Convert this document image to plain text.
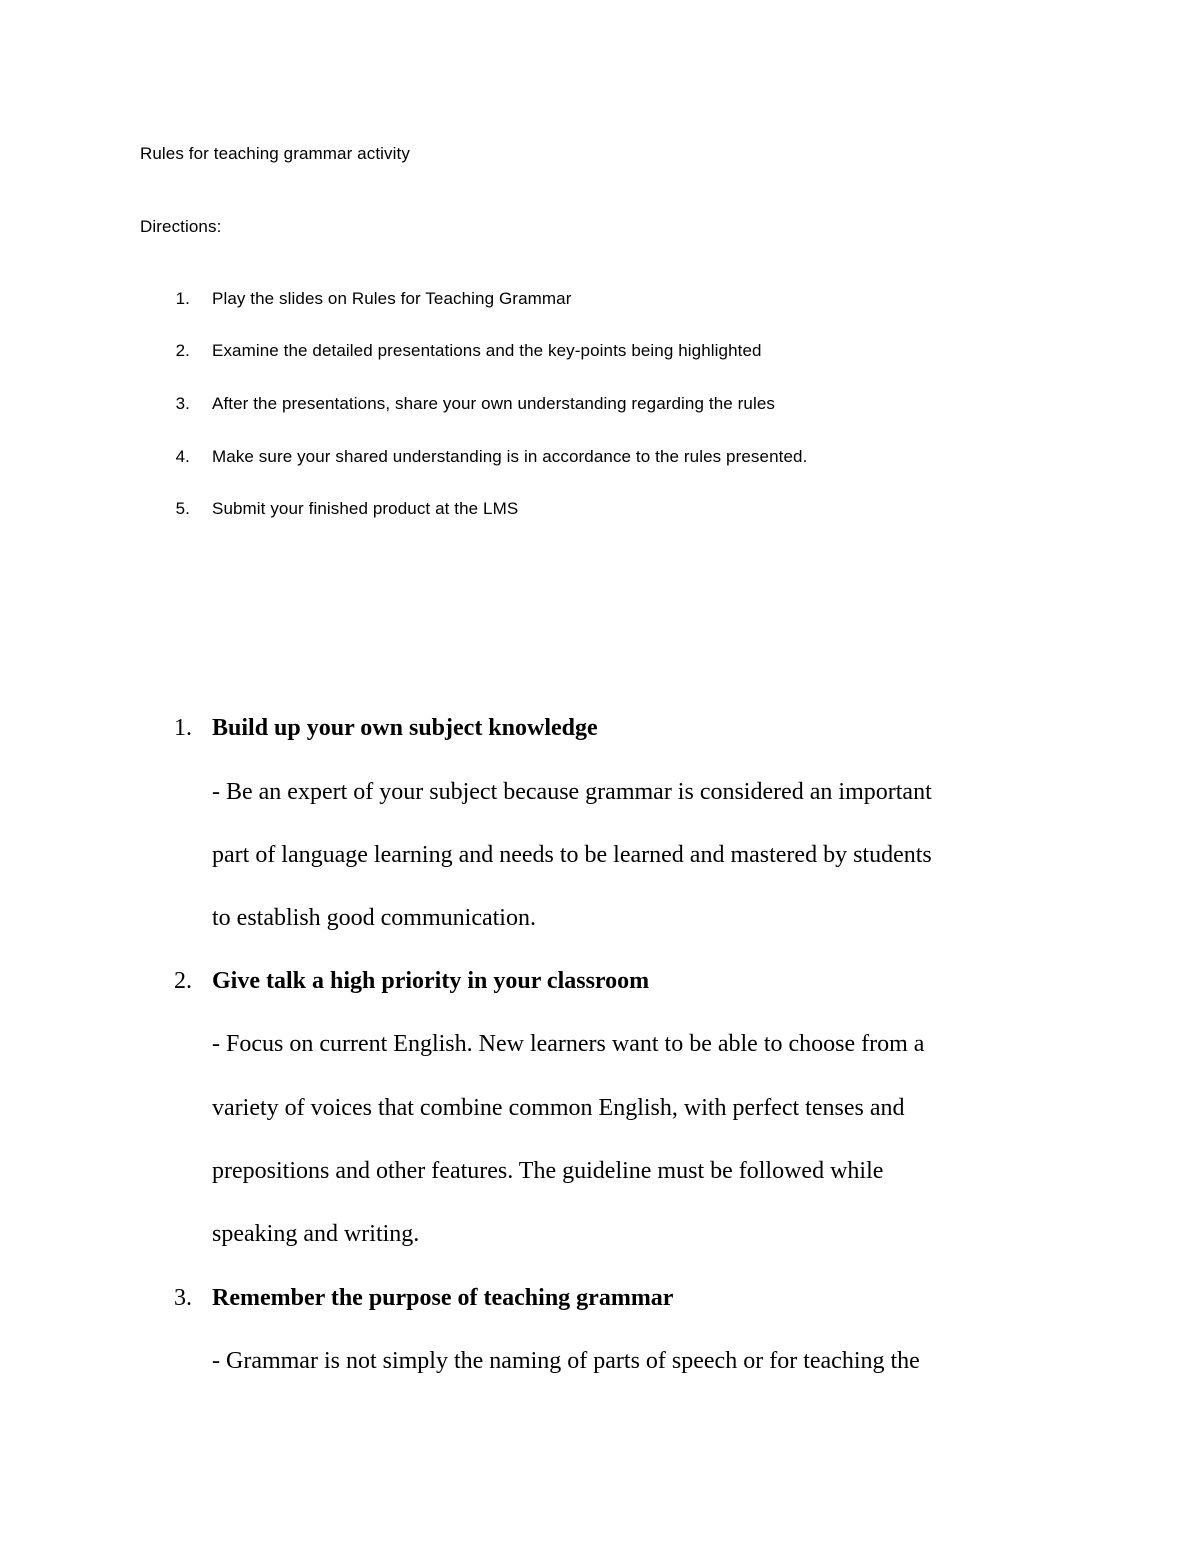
Rules for teaching grammar activity
Directions:
1. Play the slides on Rules for Teaching Grammar
2. Examine the detailed presentations and the key-points being highlighted
3. After the presentations, share your own understanding regarding the rules
4. Make sure your shared understanding is in accordance to the rules presented.
5. Submit your finished product at the LMS
1. Build up your own subject knowledge
- Be an expert of your subject because grammar is considered an important
part of language learning and needs to be learned and mastered by students
to establish good communication.
2. Give talk a high priority in your classroom
- Focus on current English. New learners want to be able to choose from a
variety of voices that combine common English, with perfect tenses and
prepositions and other features. The guideline must be followed while
speaking and writing.
3. Remember the purpose of teaching grammar
- Grammar is not simply the naming of parts of speech or for teaching the
